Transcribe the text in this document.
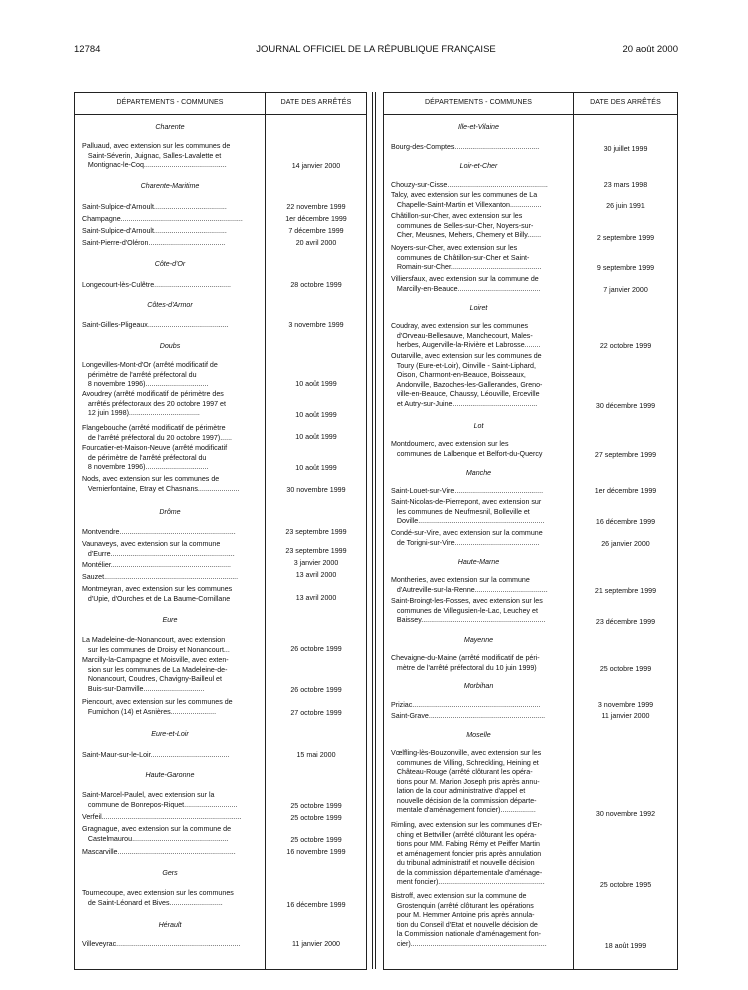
12784	JOURNAL OFFICIEL DE LA RÉPUBLIQUE FRANÇAISE	20 août 2000
DÉPARTEMENTS - COMMUNES	DATE DES ARRÊTÉS
Charente
Palluaud, avec extension sur les communes de
Saint-Séverin, Juignac, Salles-Lavalette et
Montignac-le-Coq..........................................	14 janvier 2000
Charente-Maritime
Saint-Sulpice-d'Arnoult.....................................	22 novembre 1999
Champagne..............................................................	1er décembre 1999
Saint-Sulpice-d'Arnoult.....................................	7 décembre 1999
Saint-Pierre-d'Oléron.......................................	20 avril 2000
Côte-d'Or
Longecourt-lès-Culêtre.......................................	28 octobre 1999
Côtes-d'Armor
Saint-Gilles-Pligeaux.........................................	3 novembre 1999
Doubs
Longevilles-Mont-d'Or (arrêté modificatif de
périmètre de l'arrêté préfectoral du
8 novembre 1996)................................	10 août 1999
Avoudrey (arrêté modificatif de périmètre des
arrêtés préfectoraux des 20 octobre 1997 et
12 juin 1998)....................................	10 août 1999
Flangebouche (arrêté modificatif de périmètre
de l'arrêté préfectoral du 20 octobre 1997)......	10 août 1999
Fourcatier-et-Maison-Neuve (arrêté modificatif
de périmètre de l'arrêté préfectoral du
8 novembre 1996)................................	10 août 1999
Nods, avec extension sur les communes de
Vernierfontaine, Etray et Chasnans.....................	30 novembre 1999
Drôme
Montvendre...........................................................	23 septembre 1999
Vaunaveys, avec extension sur la commune
d'Eurre...............................................................	23 septembre 1999
Montélier.............................................................	3 janvier 2000
Sauzet....................................................................	13 avril 2000
Montmeyran, avec extension sur les communes
d'Upie, d'Ourches et de La Baume-Cornillane	13 avril 2000
Eure
La Madeleine-de-Nonancourt, avec extension
sur les communes de Droisy et Nonancourt...	26 octobre 1999
Marcilly-la-Campagne et Moisville, avec exten-
sion sur les communes de La Madeleine-de-
Nonancourt, Coudres, Chavigny-Bailleul et
Buis-sur-Damville...............................	26 octobre 1999
Piencourt, avec extension sur les communes de
Fumichon (14) et Asnières.......................	27 octobre 1999
Eure-et-Loir
Saint-Maur-sur-le-Loir........................................	15 mai 2000
Haute-Garonne
Saint-Marcel-Paulel, avec extension sur la
commune de Bonrepos-Riquet...........................	25 octobre 1999
Verfeil.......................................................................	25 octobre 1999
Gragnague, avec extension sur la commune de
Castelmaurou.................................................	25 octobre 1999
Mascarville............................................................	16 novembre 1999
Gers
Tournecoupe, avec extension sur les communes
de Saint-Léonard et Bives...........................	16 décembre 1999
Hérault
Villeveyrac...............................................................	11 janvier 2000
DÉPARTEMENTS - COMMUNES	DATE DES ARRÊTÉS
Ille-et-Vilaine
Bourg-des-Comptes...........................................	30 juillet 1999
Loir-et-Cher
Chouzy-sur-Cisse...................................................	23 mars 1998
Talcy, avec extension sur les communes de La
Chapelle-Saint-Martin et Villexanton................	26 juin 1991
Châtillon-sur-Cher, avec extension sur les
communes de Selles-sur-Cher, Noyers-sur-
Cher, Meusnes, Mehers, Chemery et Billy.......	2 septembre 1999
Noyers-sur-Cher, avec extension sur les
communes de Châtillon-sur-Cher et Saint-
Romain-sur-Cher..............................................	9 septembre 1999
Villiersfaux, avec extension sur la commune de
Marcilly-en-Beauce..........................................	7 janvier 2000
Loiret
Coudray, avec extension sur les communes
d'Orveau-Bellesauve, Manchecourt, Males-
herbes, Augerville-la-Rivière et Labrosse........	22 octobre 1999
Outarville, avec extension sur les communes de
Toury (Eure-et-Loir), Oinville - Saint-Liphard,
Oison, Charmont-en-Beauce, Boisseaux,
Andonville, Bazoches-les-Gallerandes, Greno-
ville-en-Beauce, Chaussy, Léouville, Erceville
et Autry-sur-Juine...........................................	30 décembre 1999
Lot
Montdoumerc, avec extension sur les
communes de Lalbenque et Belfort-du-Quercy	27 septembre 1999
Manche
Saint-Louet-sur-Vire.............................................	1er décembre 1999
Saint-Nicolas-de-Pierrepont, avec extension sur
les communes de Neufmesnil, Bolleville et
Doville................................................................	16 décembre 1999
Condé-sur-Vire, avec extension sur la commune
de Torigni-sur-Vire...........................................	26 janvier 2000
Haute-Marne
Montheries, avec extension sur la commune
d'Autreville-sur-la-Renne.....................................	21 septembre 1999
Saint-Broingt-les-Fosses, avec extension sur les
communes de Villegusien-le-Lac, Leuchey et
Baissey...............................................................	23 décembre 1999
Mayenne
Chevaigne-du-Maine (arrêté modificatif de péri-
mètre de l'arrêté préfectoral du 10 juin 1999)	25 octobre 1999
Morbihan
Priziac.................................................................	3 novembre 1999
Saint-Grave...........................................................	11 janvier 2000
Moselle
Vœlfling-lès-Bouzonville, avec extension sur les
communes de Villing, Schreckling, Heining et
Château-Rouge (arrêté clôturant les opéra-
tions pour M. Marion Joseph pris après annu-
lation de la cour administrative d'appel et
nouvelle décision de la commission départe-
mentale d'aménagement foncier)..................	30 novembre 1992
Rimling, avec extension sur les communes d'Er-
ching et Bettviller (arrêté clôturant les opéra-
tions pour MM. Fabing Rémy et Peiffer Martin
et aménagement foncier pris après annulation
du tribunal administratif et nouvelle décision
de la commission départementale d'aménage-
ment foncier)......................................................	25 octobre 1995
Bistroff, avec extension sur la commune de
Grostenquin (arrêté clôturant les opérations
pour M. Hemmer Antoine pris après annula-
tion du Conseil d'Etat et nouvelle décision de
la Commission nationale d'aménagement fon-
cier).....................................................................	18 août 1999
